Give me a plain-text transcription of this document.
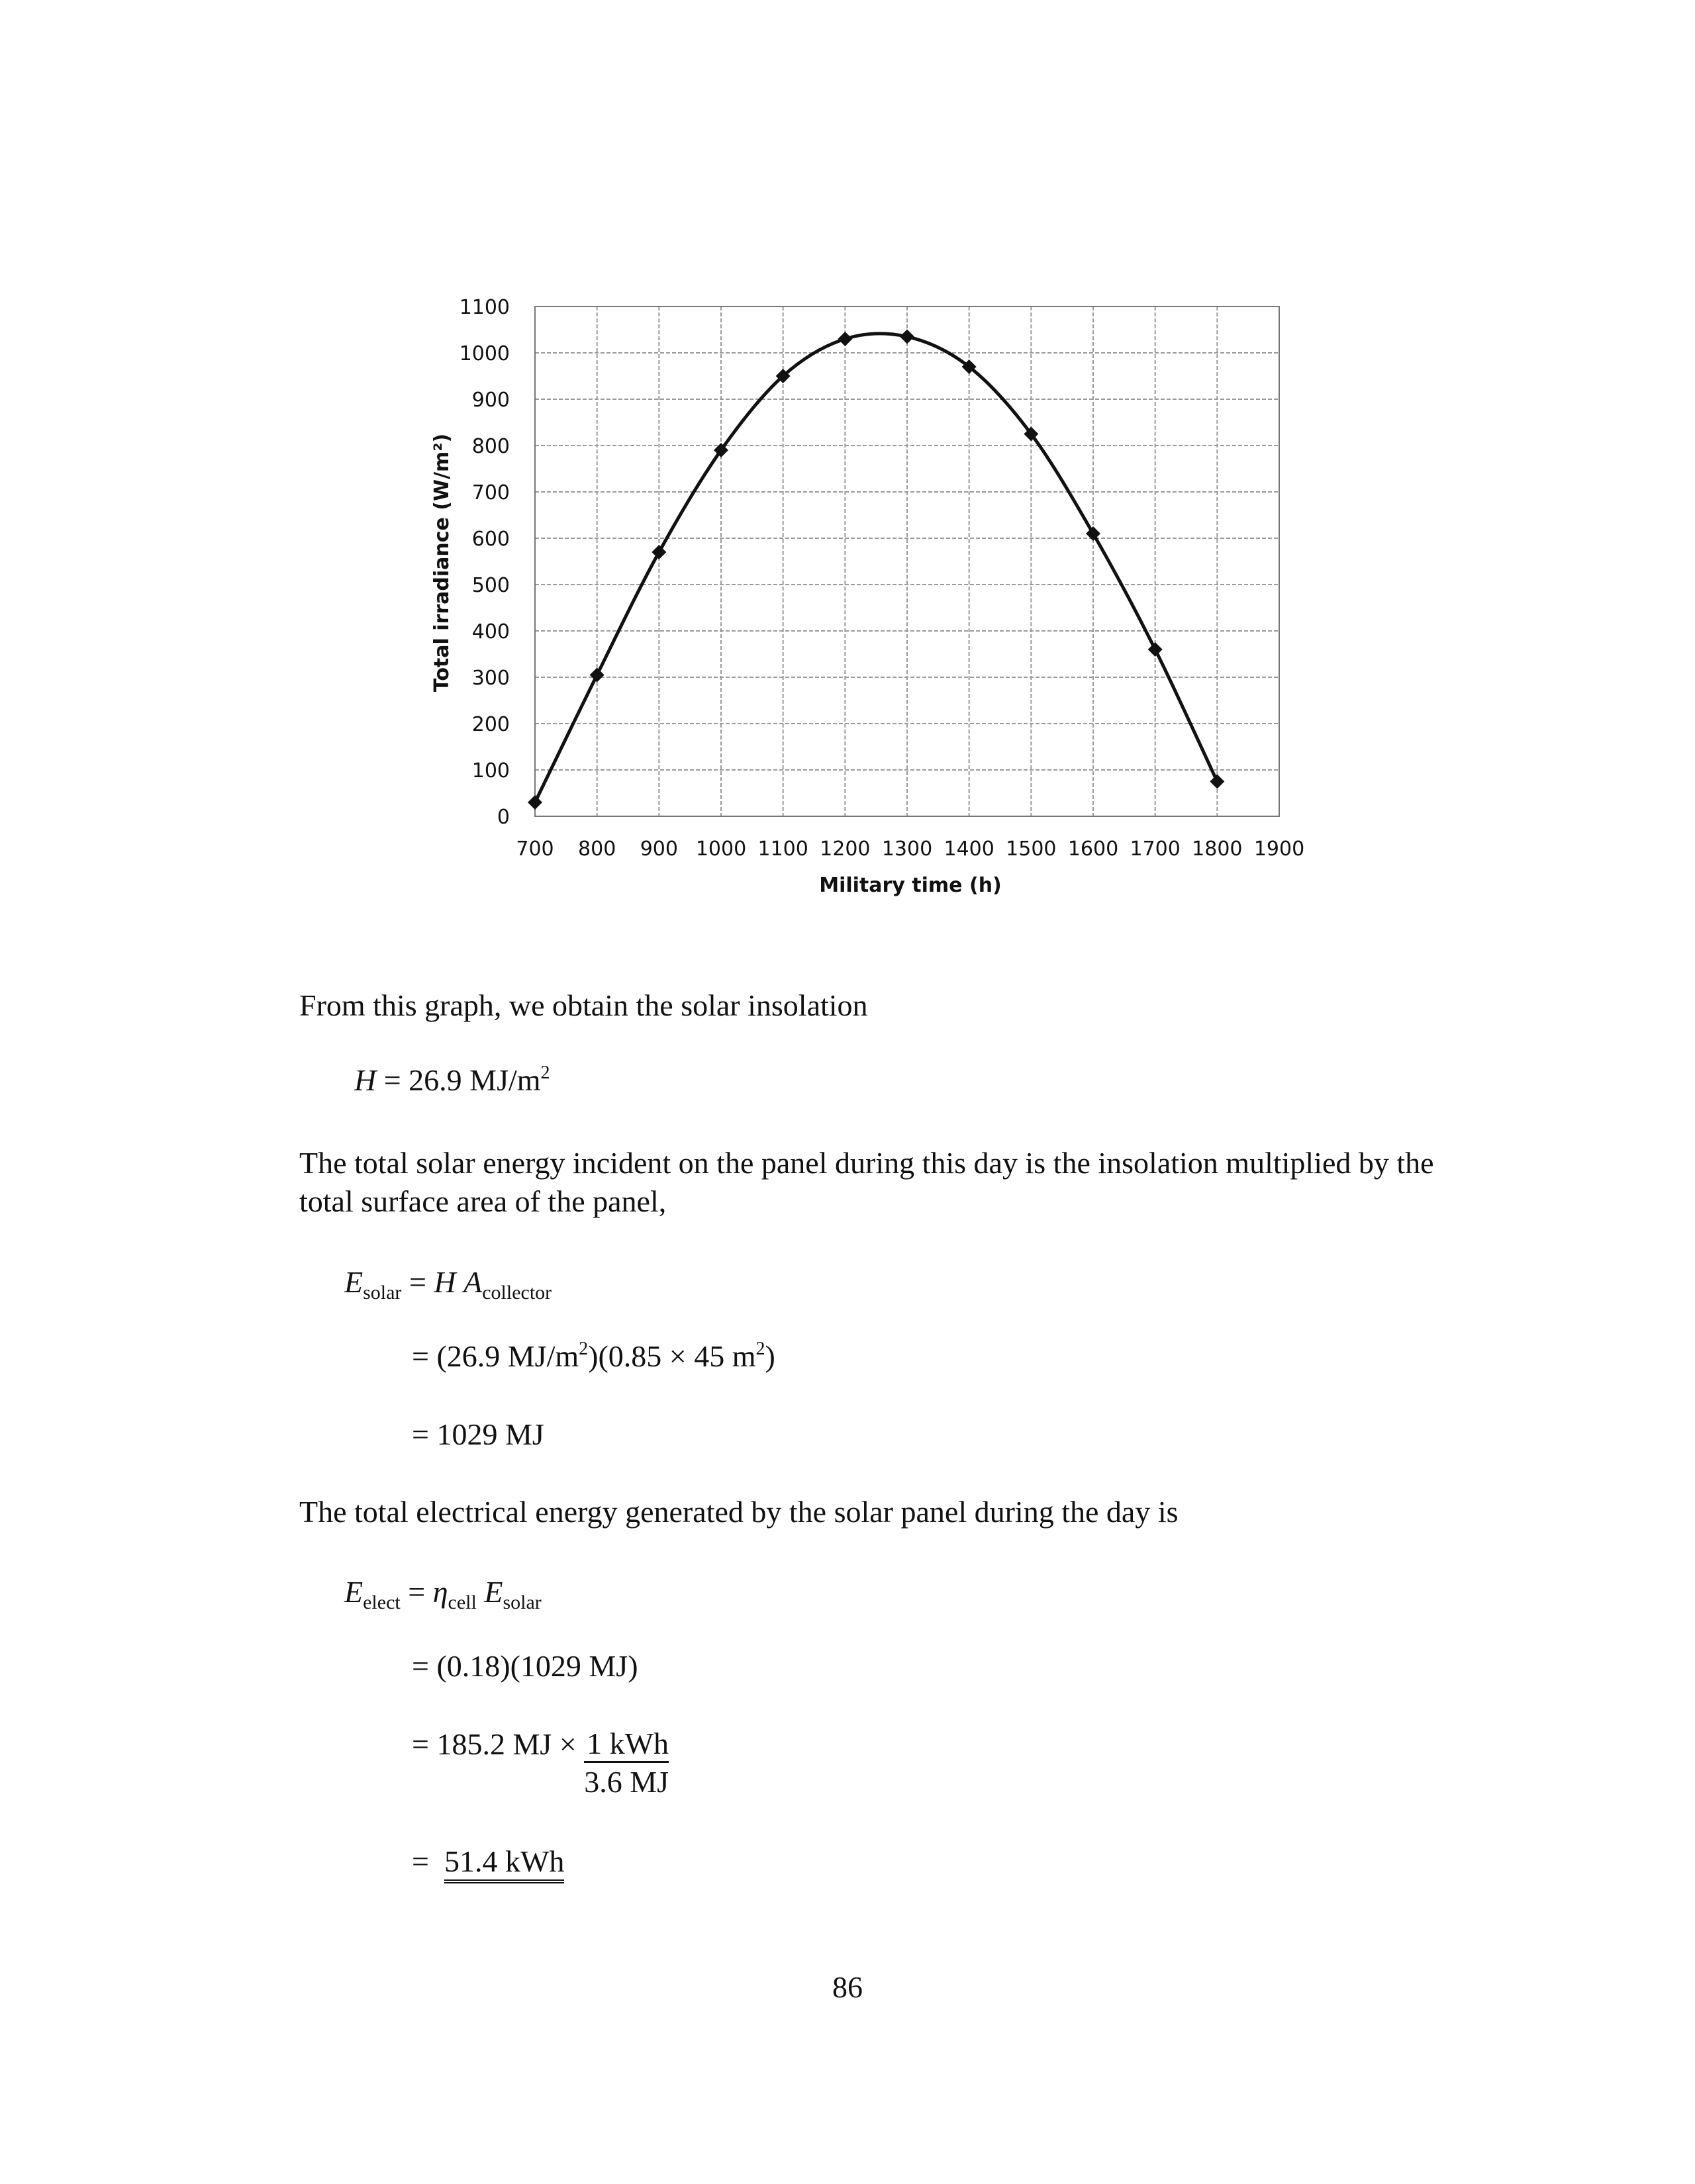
0
100
200
300
400
500
600
700
800
900
1000
1100
700 800 900 1000 1100 1200 1300 1400 1500 1600 1700 1800 1900
Military time (h)
Total irradiance (W/m²)
From this graph, we obtain the solar insolation
H = 26.9 $MJ/m^2$
The total solar energy incident on the panel during this day is the insolation multiplied by the total surface area of the panel,
$E_{solar} = H$ $A_{collector}$
= (26.9 $MJ/m^2)(0.85 \times 45$ $m^2$)
= 1029 MJ
The total electrical energy generated by the solar panel during the day is
$E_{elect} = \eta_{cell}$ $E_{solar}$
= (0.18)(1029 MJ)
= 185.2 MJ × $\frac{\text{1 kWh}}{3.6 MJ}$
= 51.4 kWh
86
